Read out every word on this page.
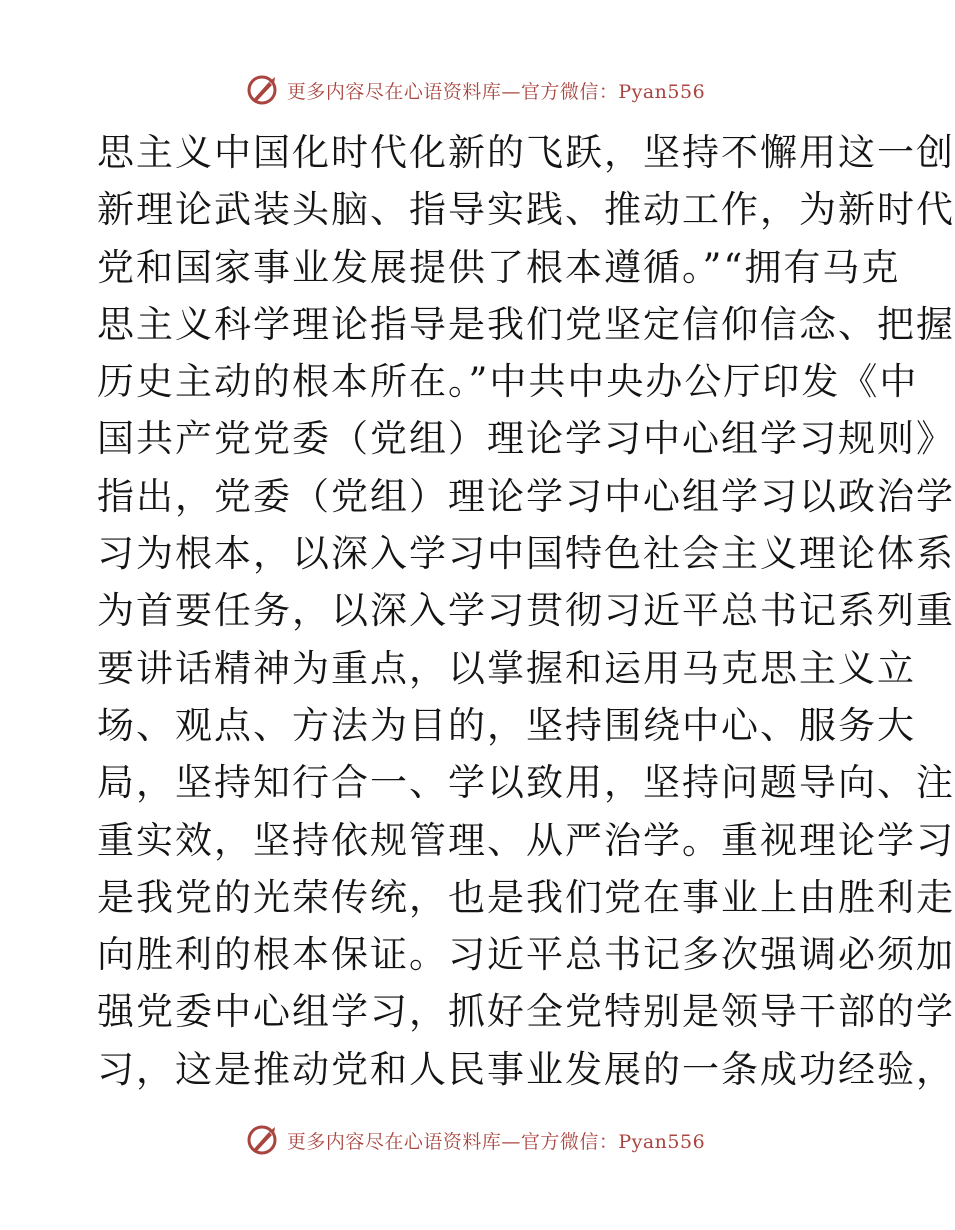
更多内容尽在心语资料库—官方微信：Pyan556
思主义中国化时代化新的飞跃，坚持不懈用这一创
新理论武装头脑、指导实践、推动工作，为新时代
党和国家事业发展提供了根本遵循。”“拥有马克
思主义科学理论指导是我们党坚定信仰信念、把握
历史主动的根本所在。”中共中央办公厅印发《中
国共产党党委（党组）理论学习中心组学习规则》
指出，党委（党组）理论学习中心组学习以政治学
习为根本，以深入学习中国特色社会主义理论体系
为首要任务，以深入学习贯彻习近平总书记系列重
要讲话精神为重点，以掌握和运用马克思主义立
场、观点、方法为目的，坚持围绕中心、服务大
局，坚持知行合一、学以致用，坚持问题导向、注
重实效，坚持依规管理、从严治学。重视理论学习
是我党的光荣传统，也是我们党在事业上由胜利走
向胜利的根本保证。习近平总书记多次强调必须加
强党委中心组学习，抓好全党特别是领导干部的学
习，这是推动党和人民事业发展的一条成功经验，
更多内容尽在心语资料库—官方微信：Pyan556
